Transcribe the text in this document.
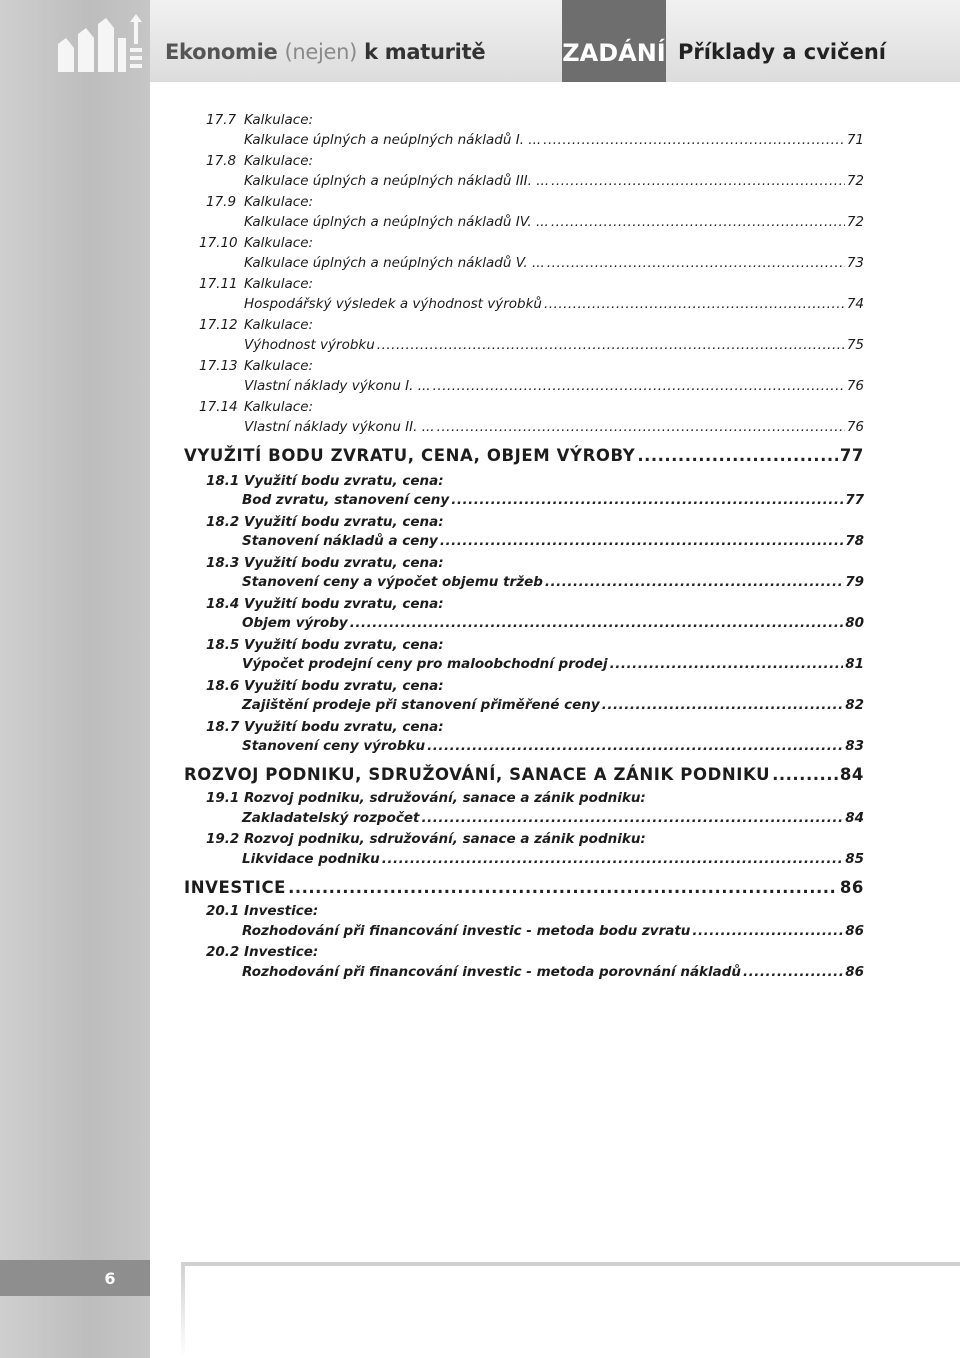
Ekonomie (nejen) k maturitě	ZADÁNÍ Příklady a cvičení
17.7 Kalkulace:
Kalkulace úplných a neúplných nákladů I. ... .....	71
17.8 Kalkulace:
Kalkulace úplných a neúplných nákladů III. ... .....	72
17.9 Kalkulace:
Kalkulace úplných a neúplných nákladů IV. ... .....	72
17.10 Kalkulace:
Kalkulace úplných a neúplných nákladů V. ... .....	73
17.11 Kalkulace:
Hospodářský výsledek a výhodnost výrobků .....	74
17.12 Kalkulace:
Výhodnost výrobku .....	75
17.13 Kalkulace:
Vlastní náklady výkonu I. ... .....	76
17.14 Kalkulace:
Vlastní náklady výkonu II. ... .....	76
VYUŽITÍ BODU ZVRATU, CENA, OBJEM VÝROBY .....	77
18.1 Využití bodu zvratu, cena:
Bod zvratu, stanovení ceny .....	77
18.2 Využití bodu zvratu, cena:
Stanovení nákladů a ceny .....	78
18.3 Využití bodu zvratu, cena:
Stanovení ceny a výpočet objemu tržeb .....	79
18.4 Využití bodu zvratu, cena:
Objem výroby .....	80
18.5 Využití bodu zvratu, cena:
Výpočet prodejní ceny pro maloobchodní prodej .....	81
18.6 Využití bodu zvratu, cena:
Zajištění prodeje při stanovení přiměřené ceny .....	82
18.7 Využití bodu zvratu, cena:
Stanovení ceny výrobku .....	83
ROZVOJ PODNIKU, SDRUŽOVÁNÍ, SANACE A ZÁNIK PODNIKU .....	84
19.1 Rozvoj podniku, sdružování, sanace a zánik podniku:
Zakladatelský rozpočet .....	84
19.2 Rozvoj podniku, sdružování, sanace a zánik podniku:
Likvidace podniku .....	85
INVESTICE .....	86
20.1 Investice:
Rozhodování při financování investic - metoda bodu zvratu .....	86
20.2 Investice:
Rozhodování při financování investic - metoda porovnání nákladů .....	86
6
